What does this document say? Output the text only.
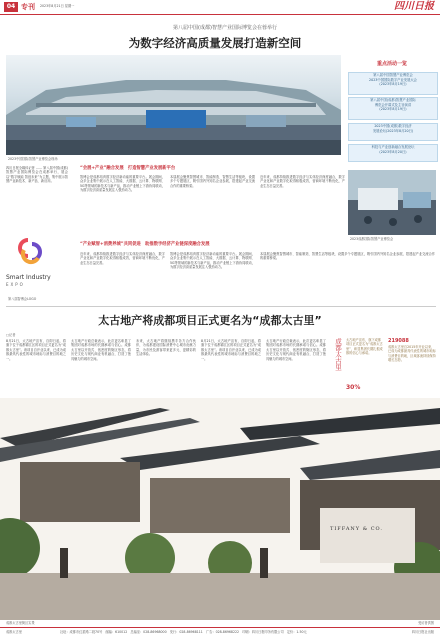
04 专刊 2023年8月21日 星期一	四川日报
第八届中国(成都)智慧产业国际博览会在蓉举行
为数字经济高质量发展打造新空间
2023中国国际智慧产业博览会现场
重点活动一览
第八届中国智慧产业博览会
2023中国国际数字产业发展大会
(2023年8月19日)
第八届中国(成都)智慧产业国际
博览会开幕式及主旨演讲
(2023年8月19日)
2023中国(成都)数字经济
发展论坛(2023年8月20日)
科技与产业创新融合发展论坛
(2023年8月20日)
2023成都国际智慧产业博览会
四川日报全媒体记者 …… 第八届中国(成都)智慧产业国际博览会在成都举行，展会以“数字赋能 智创未来”为主题，集中展示智慧产业新技术、新产品、新应用。
Smart Industry
EXPO
第八届智博会LOGO
“会展+产业”融合发展　打造智慧产业发展新平台
智博会是成都培育数字经济新动能的重要平台。展会期间，众多企业集中展示在人工智能、大数据、云计算、物联网、5G等领域的新技术与新产品，推动产业链上下游协同联动，为数字经济高质量发展注入强劲动力。
本届展会聚焦智慧城市、智能制造、智慧生活等板块，设置多个专题展区，吸引国内外知名企业参展，搭建起产业交流合作的重要桥梁。
近年来，成都持续推进数字经济与实体经济深度融合，数字产业化和产业数字化取得积极成效，营商环境不断优化，产业生态日益完善。
“产业赋智+消费养城”共同促进　助推数字经济产业链深度融合发展
近年来，成都持续推进数字经济与实体经济深度融合，数字产业化和产业数字化取得积极成效，营商环境不断优化，产业生态日益完善。
智博会是成都培育数字经济新动能的重要平台。展会期间，众多企业集中展示在人工智能、大数据、云计算、物联网、5G等领域的新技术与新产品，推动产业链上下游协同联动，为数字经济高质量发展注入强劲动力。
本届展会聚焦智慧城市、智能制造、智慧生活等板块，设置多个专题展区，吸引国内外知名企业参展，搭建起产业交流合作的重要桥梁。
太古地产将成都项目正式更名为“成都太古里”
□记者
8月21日，太古地产宣布，自即日起，将旗下位于成都锦江区的项目正式更名为“成都太古里”。该项目自开业以来，已成为成都最具代表性的城市地标与消费目的地之一。
太古地产行政总裁表示，此次更名彰显了集团对成都市场的长期承诺与信心。成都太古里以开放式、低密度的街区形态，将历史文化与现代商业有机融合，打造了独具魅力的城市空间。
未来，太古地产将继续携手各方合作伙伴，为成都建设国际消费中心城市贡献力量，为市民及游客带来更多元、更精彩的生活体验。
8月21日，太古地产宣布，自即日起，将旗下位于成都锦江区的项目正式更名为“成都太古里”。该项目自开业以来，已成为成都最具代表性的城市地标与消费目的地之一。
太古地产行政总裁表示，此次更名彰显了集团对成都市场的长期承诺与信心。成都太古里以开放式、低密度的街区形态，将历史文化与现代商业有机融合，打造了独具魅力的城市空间。	成都太古里 太古地产宣布，旗下成都项目正式更名为“成都太古里”，彰显集团长期扎根成都的信心与承诺。
30%
219088
成都太古里自2015年开业以来，已成为成都最具代表性的城市地标与消费目的地，区域客流持续保持增长态势。
TIFFANY & CO.
成都太古里街区实景	受访者供图
成都太古里	社址：成都市红星路二段70号　邮编：610012　总编室：028-86968000　发行：028-86968111　广告：028-86968222　印刷：四川日报印务有限公司　定价：1.50元	四川日报社出版
